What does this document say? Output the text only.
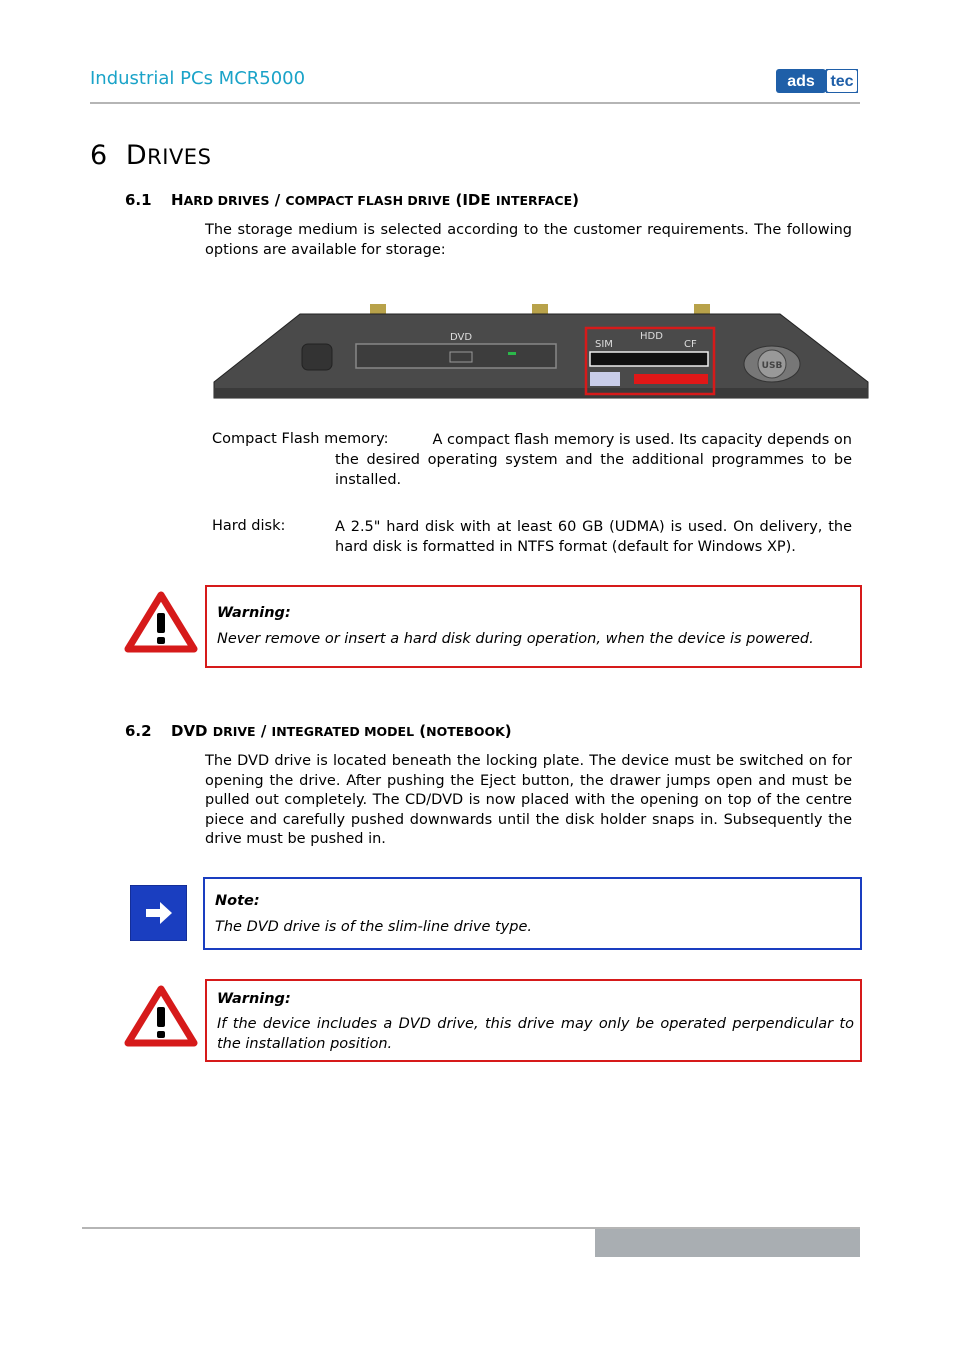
Industrial PCs MCR5000	ads tec
6 DRIVES
6.1 HARD DRIVES / COMPACT FLASH DRIVE (IDE INTERFACE)

The storage medium is selected according to the customer requirements. The following options are available for storage:

DVD	HDD
SIM	CF
USB
Compact Flash memory:	A compact flash memory is used. Its capacity depends on

the desired operating system and the additional programmes to be installed.

Hard disk:	A 2.5" hard disk with at least 60 GB (UDMA) is used. On delivery, the hard disk is formatted in NTFS format (default for Windows XP).

Warning:
Never remove or insert a hard disk during operation, when the device is powered.
6.2 DVD DRIVE / INTEGRATED MODEL (NOTEBOOK)

The DVD drive is located beneath the locking plate. The device must be switched on for opening the drive. After pushing the Eject button, the drawer jumps open and must be pulled out completely. The CD/DVD is now placed with the opening on top of the centre piece and carefully pushed downwards until the disk holder snaps in. Subsequently the drive must be pushed in.

Note:
The DVD drive is of the slim-line drive type.
Warning:
If the device includes a DVD drive, this drive may only be operated perpendicular to the installation position.
